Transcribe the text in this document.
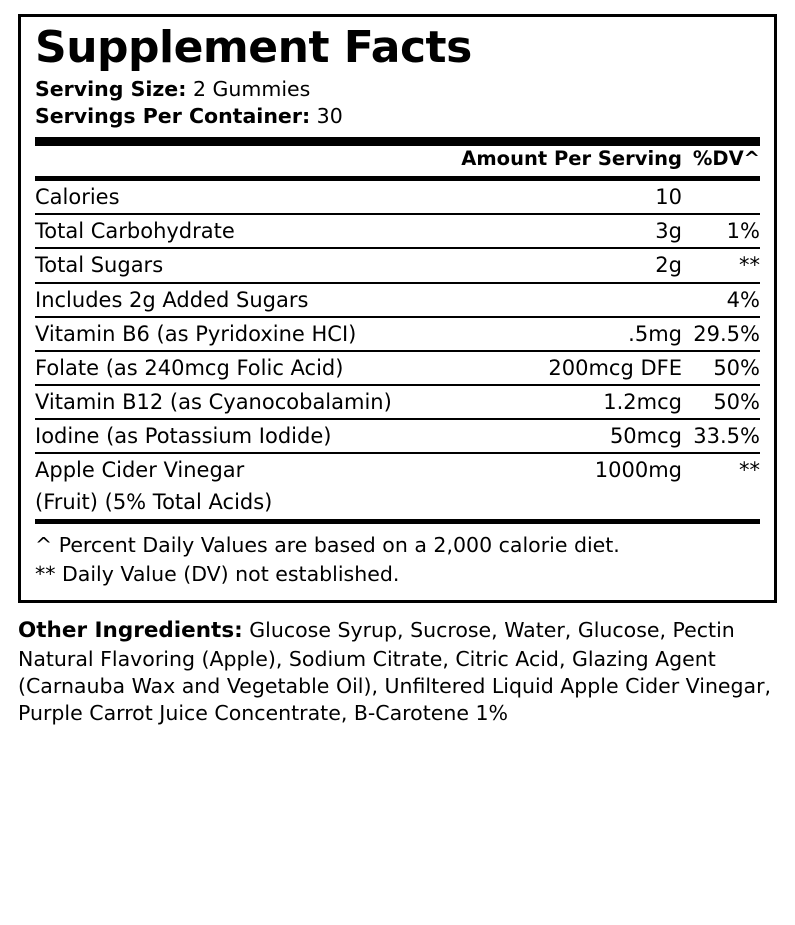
Supplement Facts
Serving Size: 2 Gummies
Servings Per Container: 30
	Amount Per Serving	%DV^
Calories	10	
Total Carbohydrate	3g	1%
Total Sugars	2g	**
Includes 2g Added Sugars		4%
Vitamin B6 (as Pyridoxine HCI)	.5mg	29.5%
Folate (as 240mcg Folic Acid)	200mcg DFE	50%
Vitamin B12 (as Cyanocobalamin)	1.2mcg	50%
Iodine (as Potassium Iodide)	50mcg	33.5%
Apple Cider Vinegar	1000mg	**
(Fruit) (5% Total Acids)		
^ Percent Daily Values are based on a 2,000 calorie diet.
** Daily Value (DV) not established.
Other Ingredients: Glucose Syrup, Sucrose, Water, Glucose, Pectin Natural Flavoring (Apple), Sodium Citrate, Citric Acid, Glazing Agent (Carnauba Wax and Vegetable Oil), Unfiltered Liquid Apple Cider Vinegar, Purple Carrot Juice Concentrate, B-Carotene 1%
